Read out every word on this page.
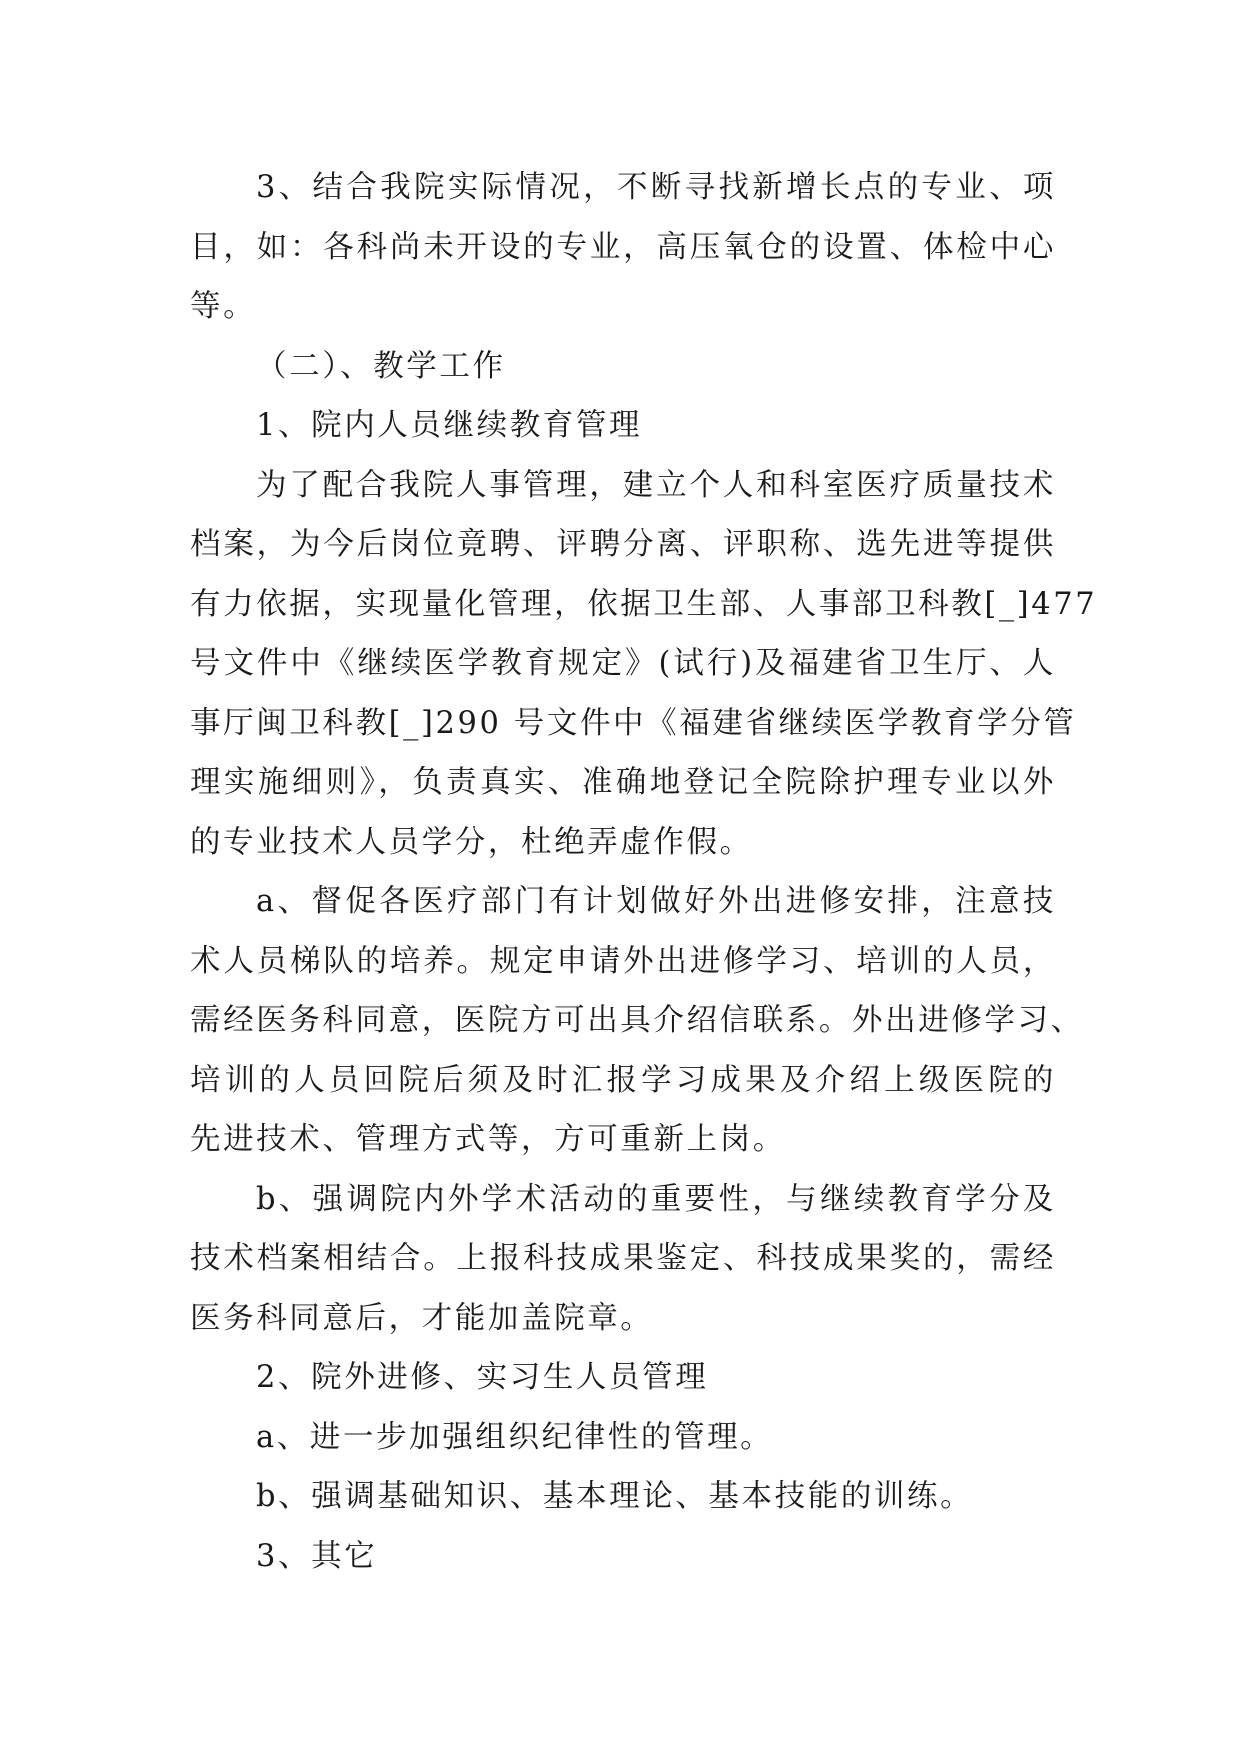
3、结合我院实际情况，不断寻找新增长点的专业、项
目，如：各科尚未开设的专业，高压氧仓的设置、体检中心
等。

（二）、教学工作

1、院内人员继续教育管理

为了配合我院人事管理，建立个人和科室医疗质量技术
档案，为今后岗位竟聘、评聘分离、评职称、选先进等提供
有力依据，实现量化管理，依据卫生部、人事部卫科教[_]477
号文件中《继续医学教育规定》(试行)及福建省卫生厅、人
事厅闽卫科教[_]290 号文件中《福建省继续医学教育学分管
理实施细则》，负责真实、准确地登记全院除护理专业以外
的专业技术人员学分，杜绝弄虚作假。

a、督促各医疗部门有计划做好外出进修安排，注意技
术人员梯队的培养。规定申请外出进修学习、培训的人员，
需经医务科同意，医院方可出具介绍信联系。外出进修学习、
培训的人员回院后须及时汇报学习成果及介绍上级医院的
先进技术、管理方式等，方可重新上岗。

b、强调院内外学术活动的重要性，与继续教育学分及
技术档案相结合。上报科技成果鉴定、科技成果奖的，需经
医务科同意后，才能加盖院章。

2、院外进修、实习生人员管理

a、进一步加强组织纪律性的管理。

b、强调基础知识、基本理论、基本技能的训练。

3、其它
